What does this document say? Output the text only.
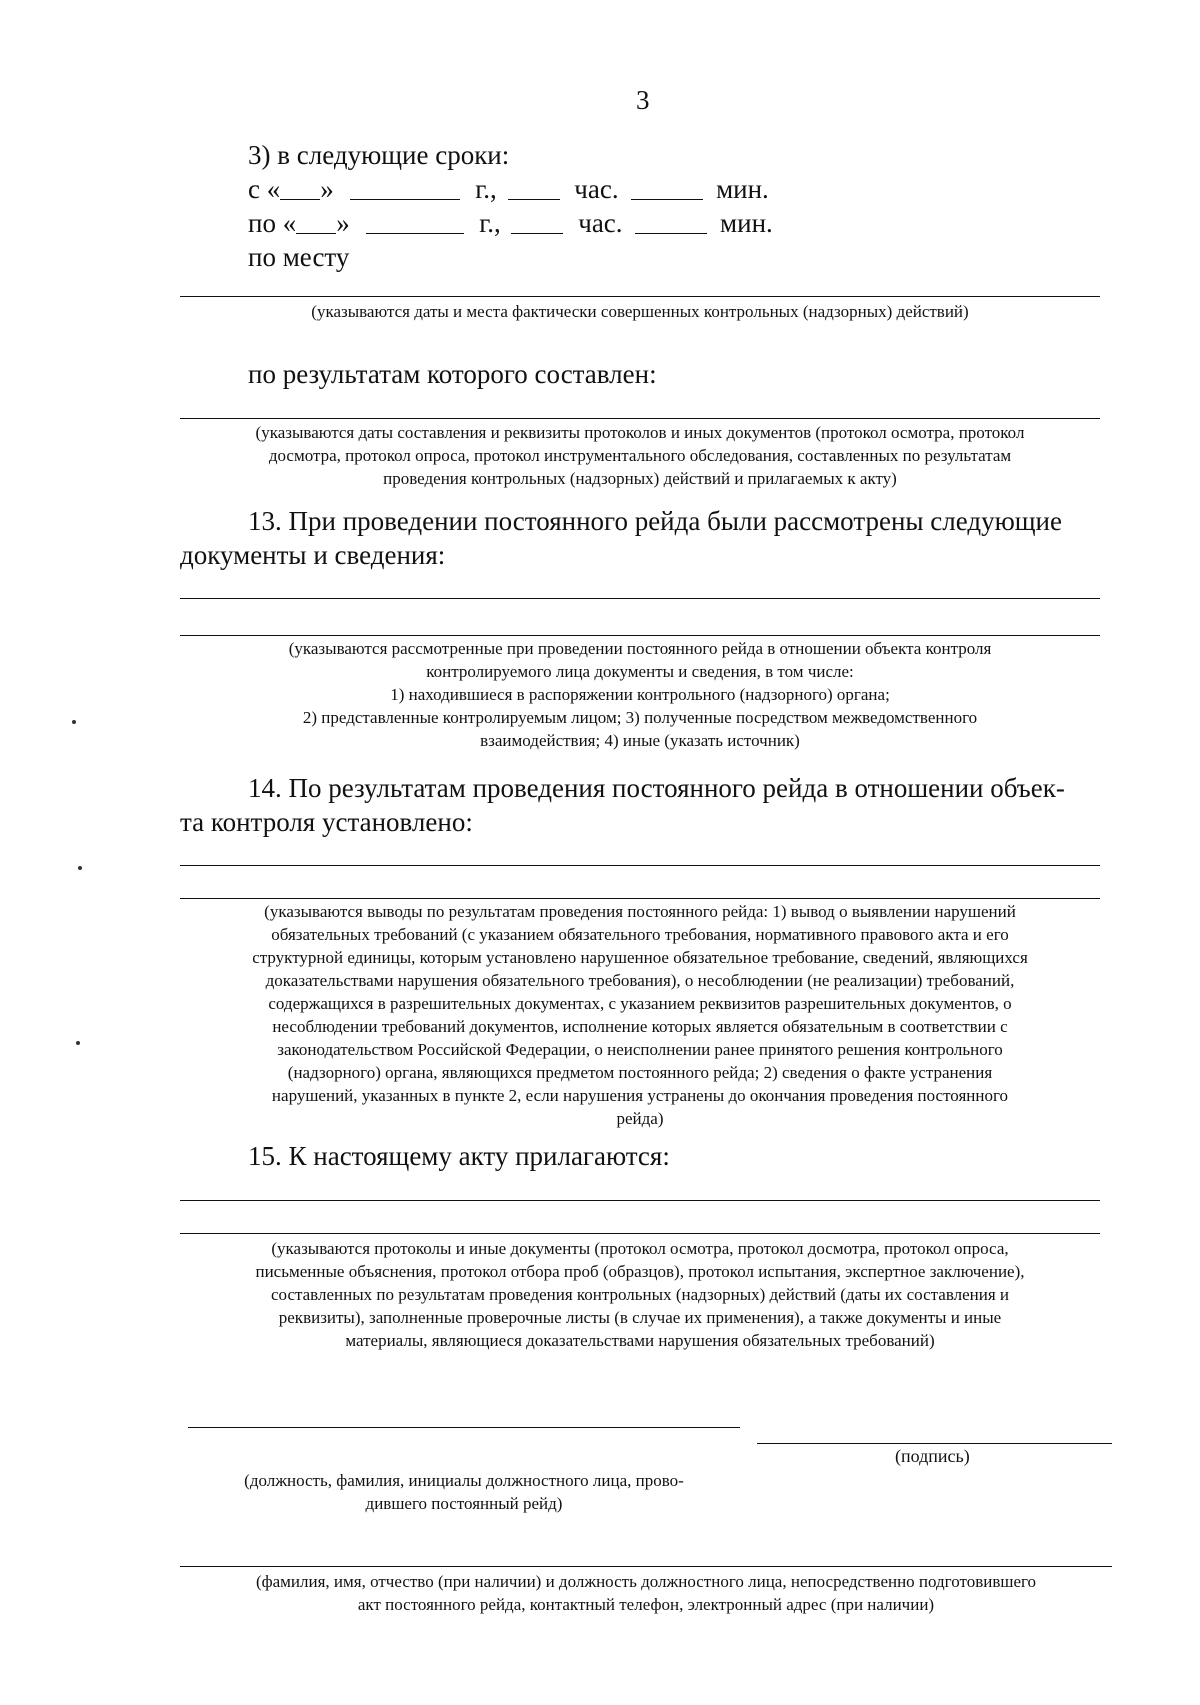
3
3) в следующие сроки:
с « »	г.,	час.	мин.
по « »	г.,	час.	мин.
по месту
(указываются даты и места фактически совершенных контрольных (надзорных) действий)
по результатам которого составлен:
(указываются даты составления и реквизиты протоколов и иных документов (протокол осмотра, протокол
досмотра, протокол опроса, протокол инструментального обследования, составленных по результатам
проведения контрольных (надзорных) действий и прилагаемых к акту)
13. При проведении постоянного рейда были рассмотрены следующие
документы и сведения:
(указываются рассмотренные при проведении постоянного рейда в отношении объекта контроля
контролируемого лица документы и сведения, в том числе:
1) находившиеся в распоряжении контрольного (надзорного) органа;
2) представленные контролируемым лицом; 3) полученные посредством межведомственного
взаимодействия; 4) иные (указать источник)
14. По результатам проведения постоянного рейда в отношении объек-
та контроля установлено:
(указываются выводы по результатам проведения постоянного рейда: 1) вывод о выявлении нарушений
обязательных требований (с указанием обязательного требования, нормативного правового акта и его
структурной единицы, которым установлено нарушенное обязательное требование, сведений, являющихся
доказательствами нарушения обязательного требования), о несоблюдении (не реализации) требований,
содержащихся в разрешительных документах, с указанием реквизитов разрешительных документов, о
несоблюдении требований документов, исполнение которых является обязательным в соответствии с
законодательством Российской Федерации, о неисполнении ранее принятого решения контрольного
(надзорного) органа, являющихся предметом постоянного рейда; 2) сведения о факте устранения
нарушений, указанных в пункте 2, если нарушения устранены до окончания проведения постоянного
рейда)
15. К настоящему акту прилагаются:
(указываются протоколы и иные документы (протокол осмотра, протокол досмотра, протокол опроса,
письменные объяснения, протокол отбора проб (образцов), протокол испытания, экспертное заключение),
составленных по результатам проведения контрольных (надзорных) действий (даты их составления и
реквизиты), заполненные проверочные листы (в случае их применения), а также документы и иные
материалы, являющиеся доказательствами нарушения обязательных требований)
(подпись)
(должность, фамилия, инициалы должностного лица, прово-
дившего постоянный рейд)
(фамилия, имя, отчество (при наличии) и должность должностного лица, непосредственно подготовившего
акт постоянного рейда, контактный телефон, электронный адрес (при наличии)
